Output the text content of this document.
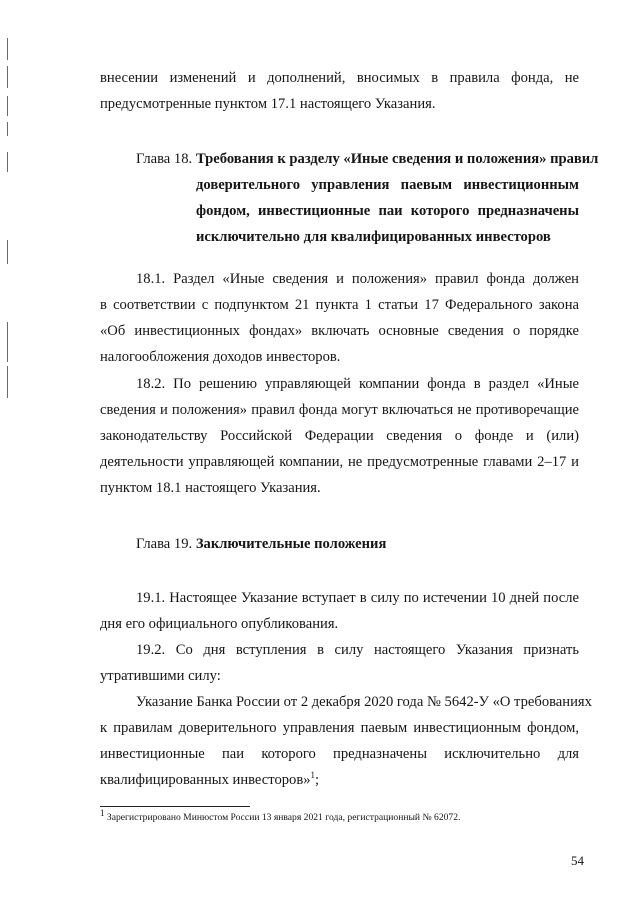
внесении изменений и дополнений, вносимых в правила фонда, не
предусмотренные пунктом 17.1 настоящего Указания.
Глава 18. Требования к разделу «Иные сведения и положения» правил
доверительного управления паевым инвестиционным
фондом, инвестиционные паи которого предназначены
исключительно для квалифицированных инвесторов
18.1. Раздел «Иные сведения и положения» правил фонда должен
в соответствии с подпунктом 21 пункта 1 статьи 17 Федерального закона
«Об инвестиционных фондах» включать основные сведения о порядке
налогообложения доходов инвесторов.
18.2. По решению управляющей компании фонда в раздел «Иные
сведения и положения» правил фонда могут включаться не противоречащие
законодательству Российской Федерации сведения о фонде и (или)
деятельности управляющей компании, не предусмотренные главами 2–17 и
пунктом 18.1 настоящего Указания.
Глава 19. Заключительные положения
19.1. Настоящее Указание вступает в силу по истечении 10 дней после
дня его официального опубликования.
19.2. Со дня вступления в силу настоящего Указания признать
утратившими силу:
Указание Банка России от 2 декабря 2020 года № 5642-У «О требованиях
к правилам доверительного управления паевым инвестиционным фондом,
инвестиционные паи которого предназначены исключительно для
квалифицированных инвесторов»$^1$;
$^1$ Зарегистрировано Минюстом России 13 января 2021 года, регистрационный № 62072.
54
